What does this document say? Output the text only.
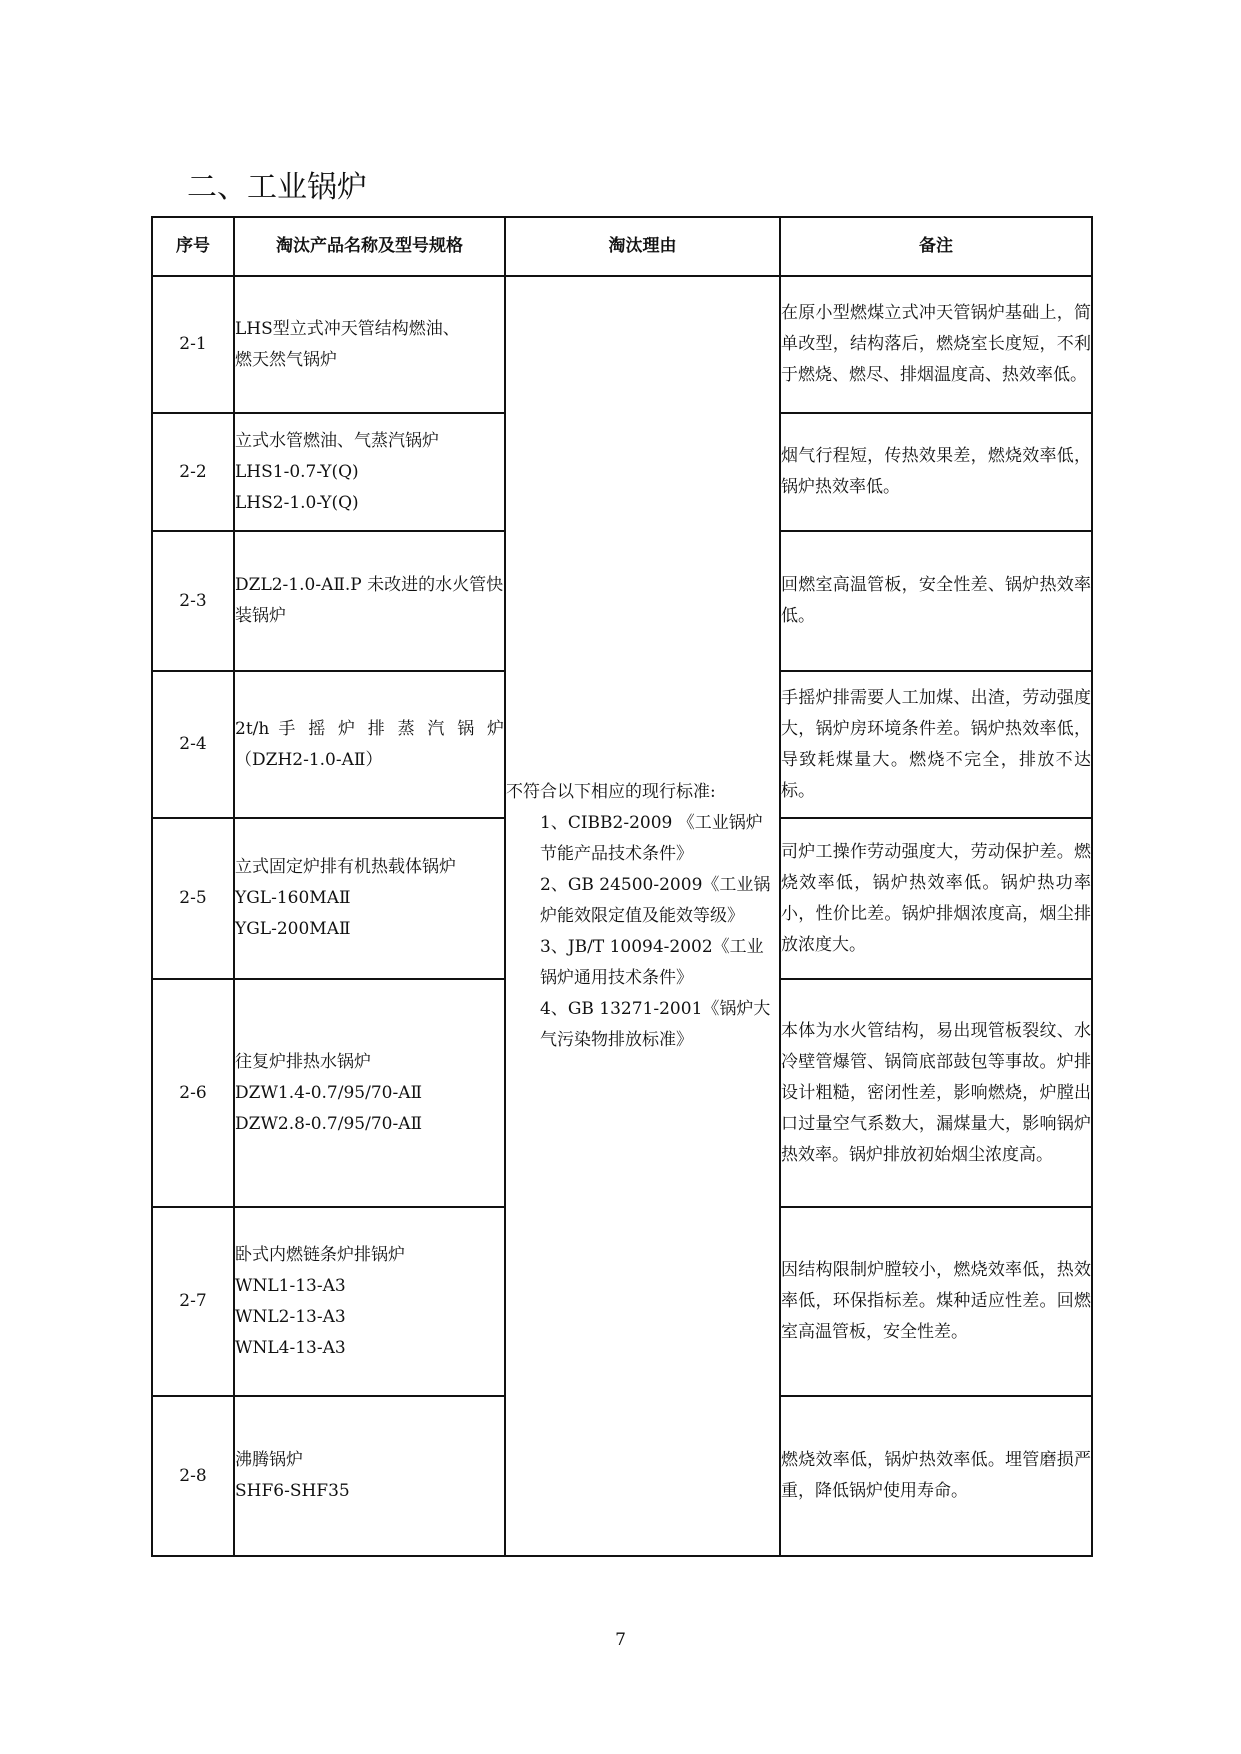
二、工业锅炉
序号	淘汰产品名称及型号规格	淘汰理由	备注
2-1	LHS型立式冲天管结构燃油、
燃天然气锅炉	不符合以下相应的现行标准:
1、CIBB2-2009 《工业锅炉节能产品技术条件》
2、GB 24500-2009《工业锅炉能效限定值及能效等级》
3、JB/T 10094-2002《工业锅炉通用技术条件》
4、GB 13271-2001《锅炉大气污染物排放标准》	在原小型燃煤立式冲天管锅炉基础上，简单改型，结构落后，燃烧室长度短，不利于燃烧、燃尽、排烟温度高、热效率低。
2-2	立式水管燃油、气蒸汽锅炉
LHS1-0.7-Y(Q)
LHS2-1.0-Y(Q)		烟气行程短，传热效果差，燃烧效率低，锅炉热效率低。
2-3	DZL2-1.0-AⅡ.P 未改进的水火管快装锅炉		回燃室高温管板，安全性差、锅炉热效率低。
2-4	2t/h 手 摇 炉 排 蒸 汽 锅 炉
（DZH2-1.0-AⅡ）		手摇炉排需要人工加煤、出渣，劳动强度大，锅炉房环境条件差。锅炉热效率低，导致耗煤量大。燃烧不完全，排放不达标。
2-5	立式固定炉排有机热载体锅炉
YGL-160MAⅡ
YGL-200MAⅡ		司炉工操作劳动强度大，劳动保护差。燃烧效率低，锅炉热效率低。锅炉热功率小，性价比差。锅炉排烟浓度高，烟尘排放浓度大。
2-6	往复炉排热水锅炉
DZW1.4-0.7/95/70-AⅡ
DZW2.8-0.7/95/70-AⅡ		本体为水火管结构，易出现管板裂纹、水冷壁管爆管、锅筒底部鼓包等事故。炉排设计粗糙，密闭性差，影响燃烧，炉膛出口过量空气系数大，漏煤量大，影响锅炉热效率。锅炉排放初始烟尘浓度高。
2-7	卧式内燃链条炉排锅炉
WNL1-13-A3
WNL2-13-A3
WNL4-13-A3		因结构限制炉膛较小，燃烧效率低，热效率低，环保指标差。煤种适应性差。回燃室高温管板，安全性差。
2-8	沸腾锅炉
SHF6-SHF35		燃烧效率低，锅炉热效率低。埋管磨损严重，降低锅炉使用寿命。
7
